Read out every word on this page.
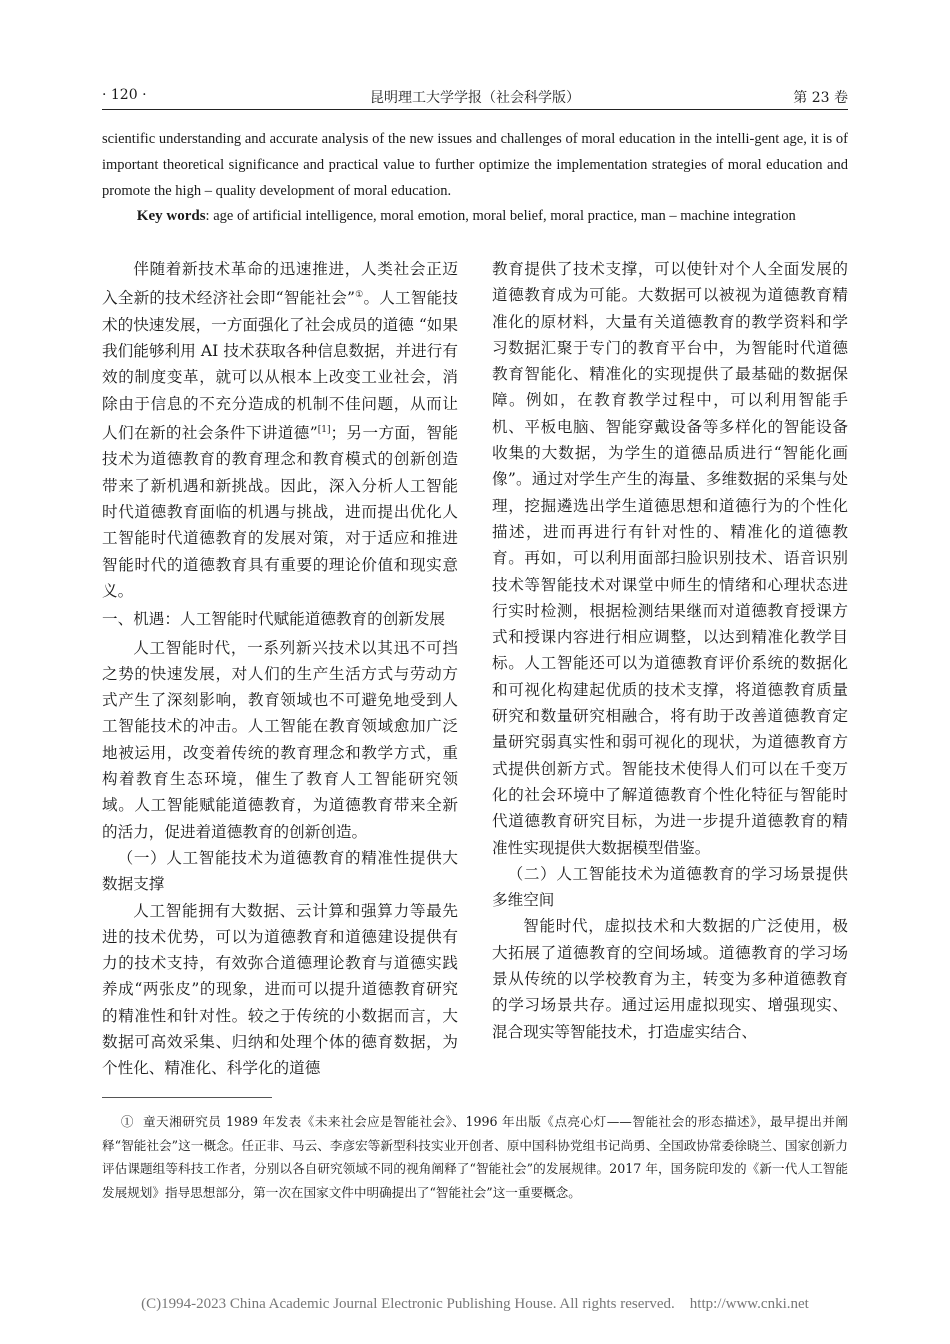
· 120 ·	昆明理工大学学报（社会科学版）	第 23 卷
scientific understanding and accurate analysis of the new issues and challenges of moral education in the intelli-gent age, it is of important theoretical significance and practical value to further optimize the implementation strategies of moral education and promote the high – quality development of moral education.
Key words: age of artificial intelligence, moral emotion, moral belief, moral practice, man – machine integration

伴随着新技术革命的迅速推进，人类社会正迈入全新的技术经济社会即“智能社会”①。人工智能技术的快速发展，一方面强化了社会成员的道德 “如果我们能够利用 AI 技术获取各种信息数据，并进行有效的制度变革，就可以从根本上改变工业社会，消除由于信息的不充分造成的机制不佳问题，从而让人们在新的社会条件下讲道德”[1]；另一方面，智能技术为道德教育的教育理念和教育模式的创新创造带来了新机遇和新挑战。因此，深入分析人工智能时代道德教育面临的机遇与挑战，进而提出优化人工智能时代道德教育的发展对策，对于适应和推进智能时代的道德教育具有重要的理论价值和现实意义。

一、机遇：人工智能时代赋能道德教育的创新发展

人工智能时代，一系列新兴技术以其迅不可挡之势的快速发展，对人们的生产生活方式与劳动方式产生了深刻影响，教育领域也不可避免地受到人工智能技术的冲击。人工智能在教育领域愈加广泛地被运用，改变着传统的教育理念和教学方式，重构着教育生态环境，催生了教育人工智能研究领域。人工智能赋能道德教育，为道德教育带来全新的活力，促进着道德教育的创新创造。

（一）人工智能技术为道德教育的精准性提供大数据支撑

人工智能拥有大数据、云计算和强算力等最先进的技术优势，可以为道德教育和道德建设提供有力的技术支持，有效弥合道德理论教育与道德实践养成“两张皮”的现象，进而可以提升道德教育研究的精准性和针对性。较之于传统的小数据而言，大数据可高效采集、归纳和处理个体的德育数据，为个性化、精准化、科学化的道德

教育提供了技术支撑，可以使针对个人全面发展的道德教育成为可能。大数据可以被视为道德教育精准化的原材料，大量有关道德教育的教学资料和学习数据汇聚于专门的教育平台中，为智能时代道德教育智能化、精准化的实现提供了最基础的数据保障。例如，在教育教学过程中，可以利用智能手机、平板电脑、智能穿戴设备等多样化的智能设备收集的大数据，为学生的道德品质进行“智能化画像”。通过对学生产生的海量、多维数据的采集与处理，挖掘遴选出学生道德思想和道德行为的个性化描述，进而再进行有针对性的、精准化的道德教育。再如，可以利用面部扫脸识别技术、语音识别技术等智能技术对课堂中师生的情绪和心理状态进行实时检测，根据检测结果继而对道德教育授课方式和授课内容进行相应调整，以达到精准化教学目标。人工智能还可以为道德教育评价系统的数据化和可视化构建起优质的技术支撑，将道德教育质量研究和数量研究相融合，将有助于改善道德教育定量研究弱真实性和弱可视化的现状，为道德教育方式提供创新方式。智能技术使得人们可以在千变万化的社会环境中了解道德教育个性化特征与智能时代道德教育研究目标，为进一步提升道德教育的精准性实现提供大数据模型借鉴。

（二）人工智能技术为道德教育的学习场景提供多维空间

智能时代，虚拟技术和大数据的广泛使用，极大拓展了道德教育的空间场域。道德教育的学习场景从传统的以学校教育为主，转变为多种道德教育的学习场景共存。通过运用虚拟现实、增强现实、混合现实等智能技术，打造虚实结合、

① 童天湘研究员 1989 年发表《未来社会应是智能社会》、1996 年出版《点亮心灯——智能社会的形态描述》，最早提出并阐释“智能社会”这一概念。任正非、马云、李彦宏等新型科技实业开创者、原中国科协党组书记尚勇、全国政协常委徐晓兰、国家创新力评估课题组等科技工作者，分别以各自研究领域不同的视角阐释了“智能社会”的发展规律。2017 年，国务院印发的《新一代人工智能发展规划》指导思想部分，第一次在国家文件中明确提出了“智能社会”这一重要概念。
(C)1994-2023 China Academic Journal Electronic Publishing House. All rights reserved.    http://www.cnki.net
